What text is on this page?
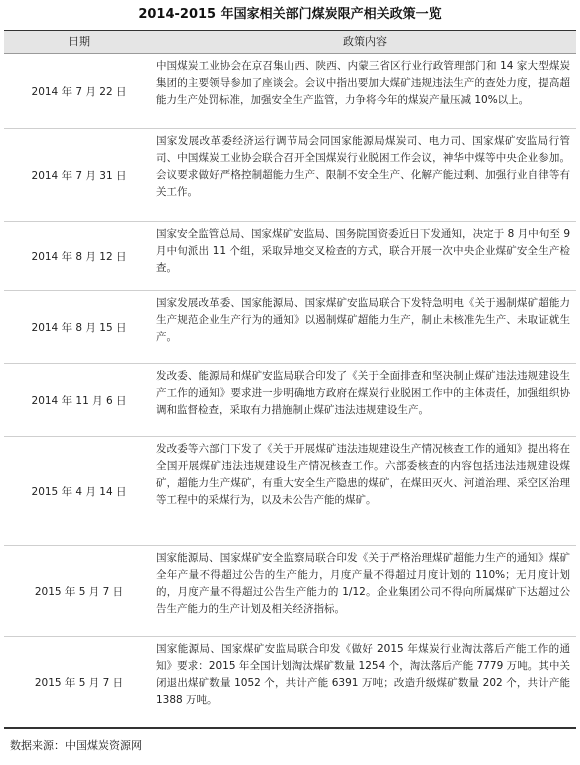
2014-2015 年国家相关部门煤炭限产相关政策一览
日期	政策内容
2014 年 7 月 22 日
中国煤炭工业协会在京召集山西、陕西、内蒙三省区行业行政管理部门和 14 家大型煤炭集团的主要领导参加了座谈会。会议中指出要加大煤矿违规违法生产的查处力度，提高超能力生产处罚标准，加强安全生产监管，力争将今年的煤炭产量压减 10%以上。
2014 年 7 月 31 日
国家发展改革委经济运行调节局会同国家能源局煤炭司、电力司、国家煤矿安监局行管司、中国煤炭工业协会联合召开全国煤炭行业脱困工作会议，神华中煤等中央企业参加。会议要求做好严格控制超能力生产、限制不安全生产、化解产能过剩、加强行业自律等有关工作。
2014 年 8 月 12 日
国家安全监管总局、国家煤矿安监局、国务院国资委近日下发通知，决定于 8 月中旬至 9 月中旬派出 11 个组，采取异地交叉检查的方式，联合开展一次中央企业煤矿安全生产检查。
2014 年 8 月 15 日
国家发展改革委、国家能源局、国家煤矿安监局联合下发特急明电《关于遏制煤矿超能力生产规范企业生产行为的通知》以遏制煤矿超能力生产，制止未核准先生产、未取证就生产。
2014 年 11 月 6 日
发改委、能源局和煤矿安监局联合印发了《关于全面排查和坚决制止煤矿违法违规建设生产工作的通知》要求进一步明确地方政府在煤炭行业脱困工作中的主体责任，加强组织协调和监督检查，采取有力措施制止煤矿违法违规建设生产。
2015 年 4 月 14 日
发改委等六部门下发了《关于开展煤矿违法违规建设生产情况核查工作的通知》提出将在全国开展煤矿违法违规建设生产情况核查工作。六部委核查的内容包括违法违规建设煤矿，超能力生产煤矿，有重大安全生产隐患的煤矿，在煤田灭火、河道治理、采空区治理等工程中的采煤行为，以及未公告产能的煤矿。
2015 年 5 月 7 日
国家能源局、国家煤矿安全监察局联合印发《关于严格治理煤矿超能力生产的通知》煤矿全年产量不得超过公告的生产能力，月度产量不得超过月度计划的 110%；无月度计划的，月度产量不得超过公告生产能力的 1/12。企业集团公司不得向所属煤矿下达超过公告生产能力的生产计划及相关经济指标。
2015 年 5 月 7 日
国家能源局、国家煤矿安监局联合印发《做好 2015 年煤炭行业淘汰落后产能工作的通知》要求：2015 年全国计划淘汰煤矿数量 1254 个，淘汰落后产能 7779 万吨。其中关闭退出煤矿数量 1052 个，共计产能 6391 万吨；改造升级煤矿数量 202 个，共计产能 1388 万吨。
数据来源：中国煤炭资源网
